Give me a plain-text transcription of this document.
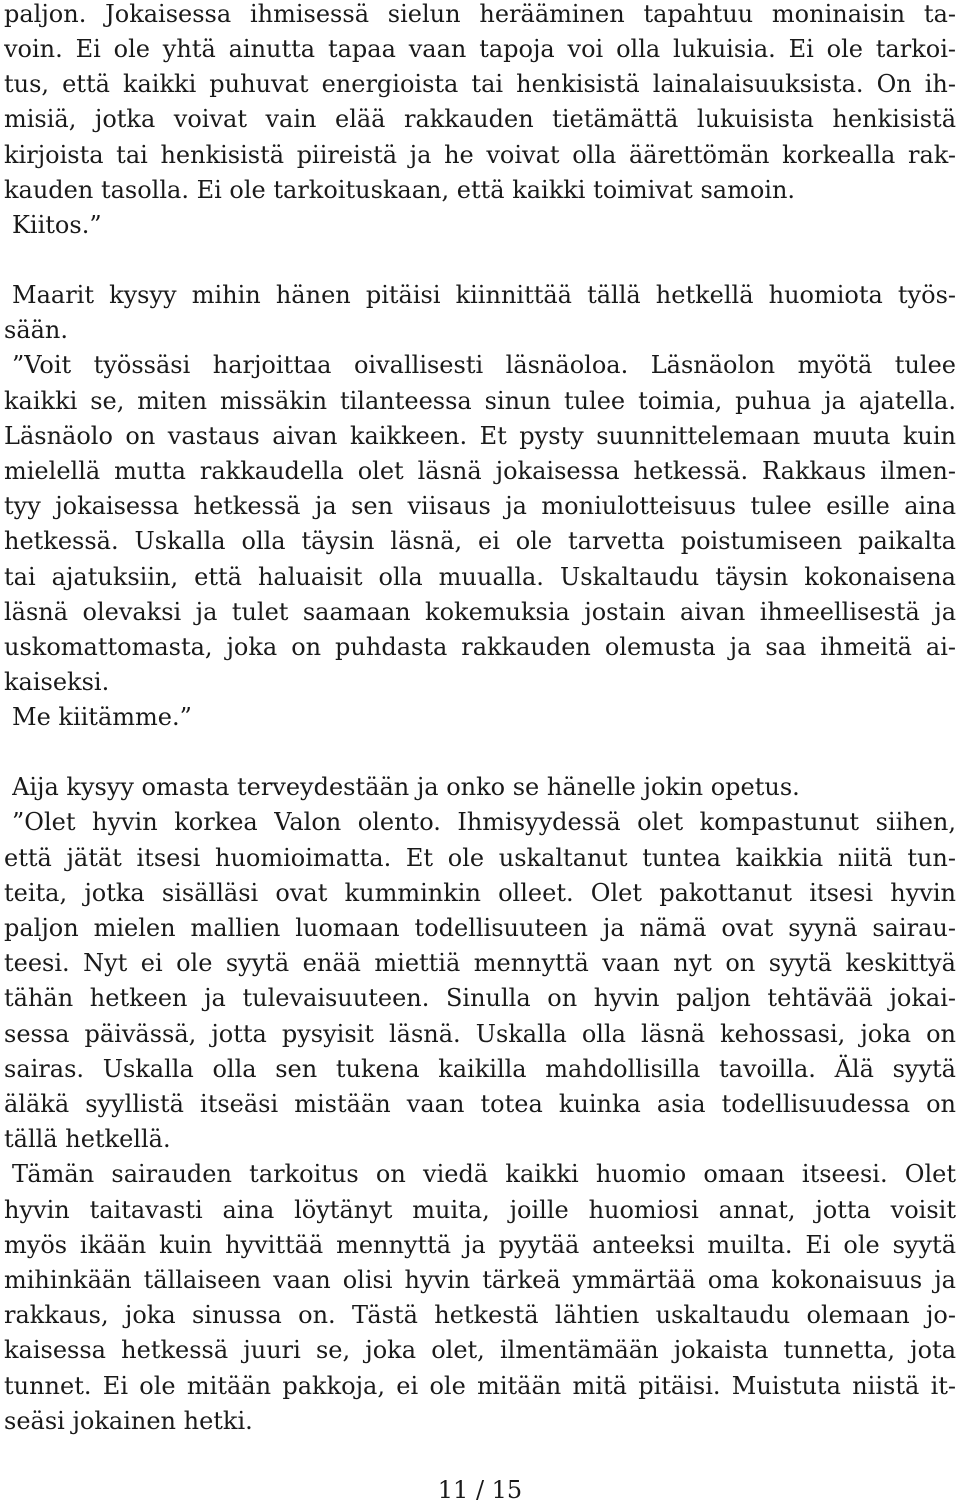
paljon. Jokaisessa ihmisessä sielun herääminen tapahtuu moninaisin ta-
voin. Ei ole yhtä ainutta tapaa vaan tapoja voi olla lukuisia. Ei ole tarkoi-
tus, että kaikki puhuvat energioista tai henkisistä lainalaisuuksista. On ih-
misiä, jotka voivat vain elää rakkauden tietämättä lukuisista henkisistä
kirjoista tai henkisistä piireistä ja he voivat olla äärettömän korkealla rak-
kauden tasolla. Ei ole tarkoituskaan, että kaikki toimivat samoin.
Kiitos.”
Maarit kysyy mihin hänen pitäisi kiinnittää tällä hetkellä huomiota työs-
sään.
”Voit työssäsi harjoittaa oivallisesti läsnäoloa. Läsnäolon myötä tulee
kaikki se, miten missäkin tilanteessa sinun tulee toimia, puhua ja ajatella.
Läsnäolo on vastaus aivan kaikkeen. Et pysty suunnittelemaan muuta kuin
mielellä mutta rakkaudella olet läsnä jokaisessa hetkessä. Rakkaus ilmen-
tyy jokaisessa hetkessä ja sen viisaus ja moniulotteisuus tulee esille aina
hetkessä. Uskalla olla täysin läsnä, ei ole tarvetta poistumiseen paikalta
tai ajatuksiin, että haluaisit olla muualla. Uskaltaudu täysin kokonaisena
läsnä olevaksi ja tulet saamaan kokemuksia jostain aivan ihmeellisestä ja
uskomattomasta, joka on puhdasta rakkauden olemusta ja saa ihmeitä ai-
kaiseksi.
Me kiitämme.”
Aija kysyy omasta terveydestään ja onko se hänelle jokin opetus.
”Olet hyvin korkea Valon olento. Ihmisyydessä olet kompastunut siihen,
että jätät itsesi huomioimatta. Et ole uskaltanut tuntea kaikkia niitä tun-
teita, jotka sisälläsi ovat kumminkin olleet. Olet pakottanut itsesi hyvin
paljon mielen mallien luomaan todellisuuteen ja nämä ovat syynä sairau-
teesi. Nyt ei ole syytä enää miettiä mennyttä vaan nyt on syytä keskittyä
tähän hetkeen ja tulevaisuuteen. Sinulla on hyvin paljon tehtävää jokai-
sessa päivässä, jotta pysyisit läsnä. Uskalla olla läsnä kehossasi, joka on
sairas. Uskalla olla sen tukena kaikilla mahdollisilla tavoilla. Älä syytä
äläkä syyllistä itseäsi mistään vaan totea kuinka asia todellisuudessa on
tällä hetkellä.
Tämän sairauden tarkoitus on viedä kaikki huomio omaan itseesi. Olet
hyvin taitavasti aina löytänyt muita, joille huomiosi annat, jotta voisit
myös ikään kuin hyvittää mennyttä ja pyytää anteeksi muilta. Ei ole syytä
mihinkään tällaiseen vaan olisi hyvin tärkeä ymmärtää oma kokonaisuus ja
rakkaus, joka sinussa on. Tästä hetkestä lähtien uskaltaudu olemaan jo-
kaisessa hetkessä juuri se, joka olet, ilmentämään jokaista tunnetta, jota
tunnet. Ei ole mitään pakkoja, ei ole mitään mitä pitäisi. Muistuta niistä it-
seäsi jokainen hetki.
11 / 15
